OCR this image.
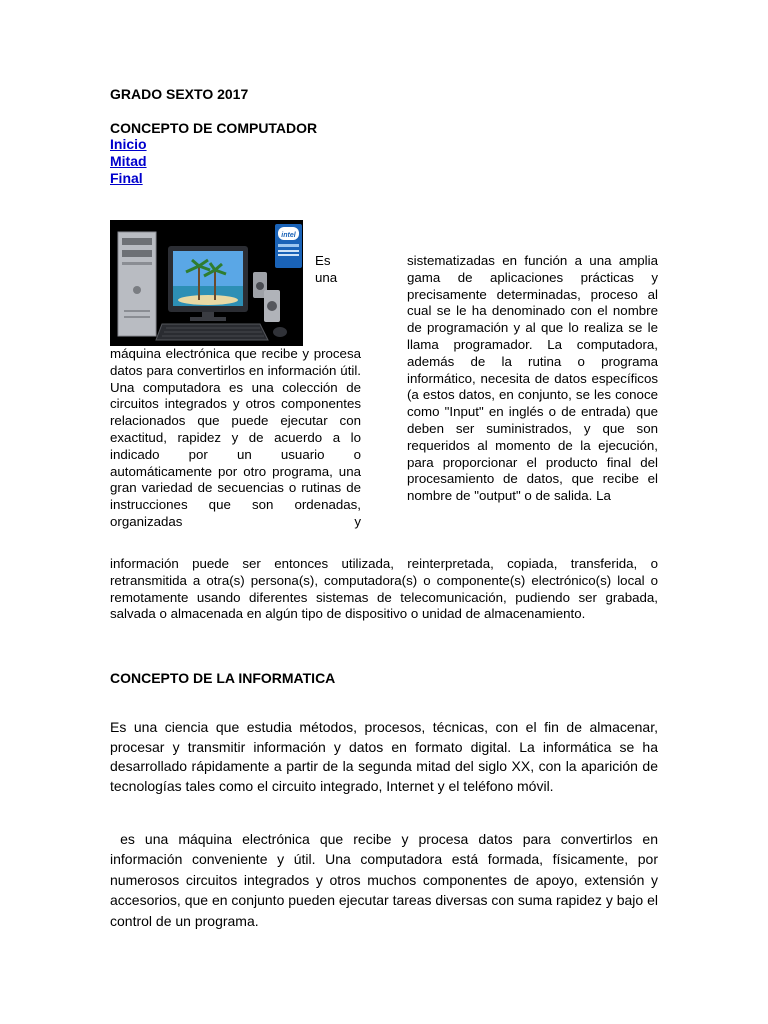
GRADO SEXTO 2017
CONCEPTO DE COMPUTADOR
Inicio
Mitad
Final
intel

Es

una

máquina electrónica que recibe y procesa datos para convertirlos en información útil. Una computadora es una colección de circuitos integrados y otros componentes relacionados que puede ejecutar con exactitud, rapidez y de acuerdo a lo indicado por un usuario o automáticamente por otro programa, una gran variedad de secuencias o rutinas de instrucciones que son ordenadas, organizadas y

sistematizadas en función a una amplia gama de aplicaciones prácticas y precisamente determinadas, proceso al cual se le ha denominado con el nombre de programación y al que lo realiza se le llama programador. La computadora, además de la rutina o programa informático, necesita de datos específicos (a estos datos, en conjunto, se les conoce como "Input" en inglés o de entrada) que deben ser suministrados, y que son requeridos al momento de la ejecución, para proporcionar el producto final del procesamiento de datos, que recibe el nombre de "output" o de salida. La

información puede ser entonces utilizada, reinterpretada, copiada, transferida, o retransmitida a otra(s) persona(s), computadora(s) o componente(s) electrónico(s) local o remotamente usando diferentes sistemas de telecomunicación, pudiendo ser grabada, salvada o almacenada en algún tipo de dispositivo o unidad de almacenamiento.

CONCEPTO DE LA INFORMATICA

Es una ciencia que estudia métodos, procesos, técnicas, con el fin de almacenar, procesar y transmitir información y datos en formato digital. La informática se ha desarrollado rápidamente a partir de la segunda mitad del siglo XX, con la aparición de tecnologías tales como el circuito integrado, Internet y el teléfono móvil.

es una máquina electrónica que recibe y procesa datos para convertirlos en información conveniente y útil. Una computadora está formada, físicamente, por numerosos circuitos integrados y otros muchos componentes de apoyo, extensión y accesorios, que en conjunto pueden ejecutar tareas diversas con suma rapidez y bajo el control de un programa.
